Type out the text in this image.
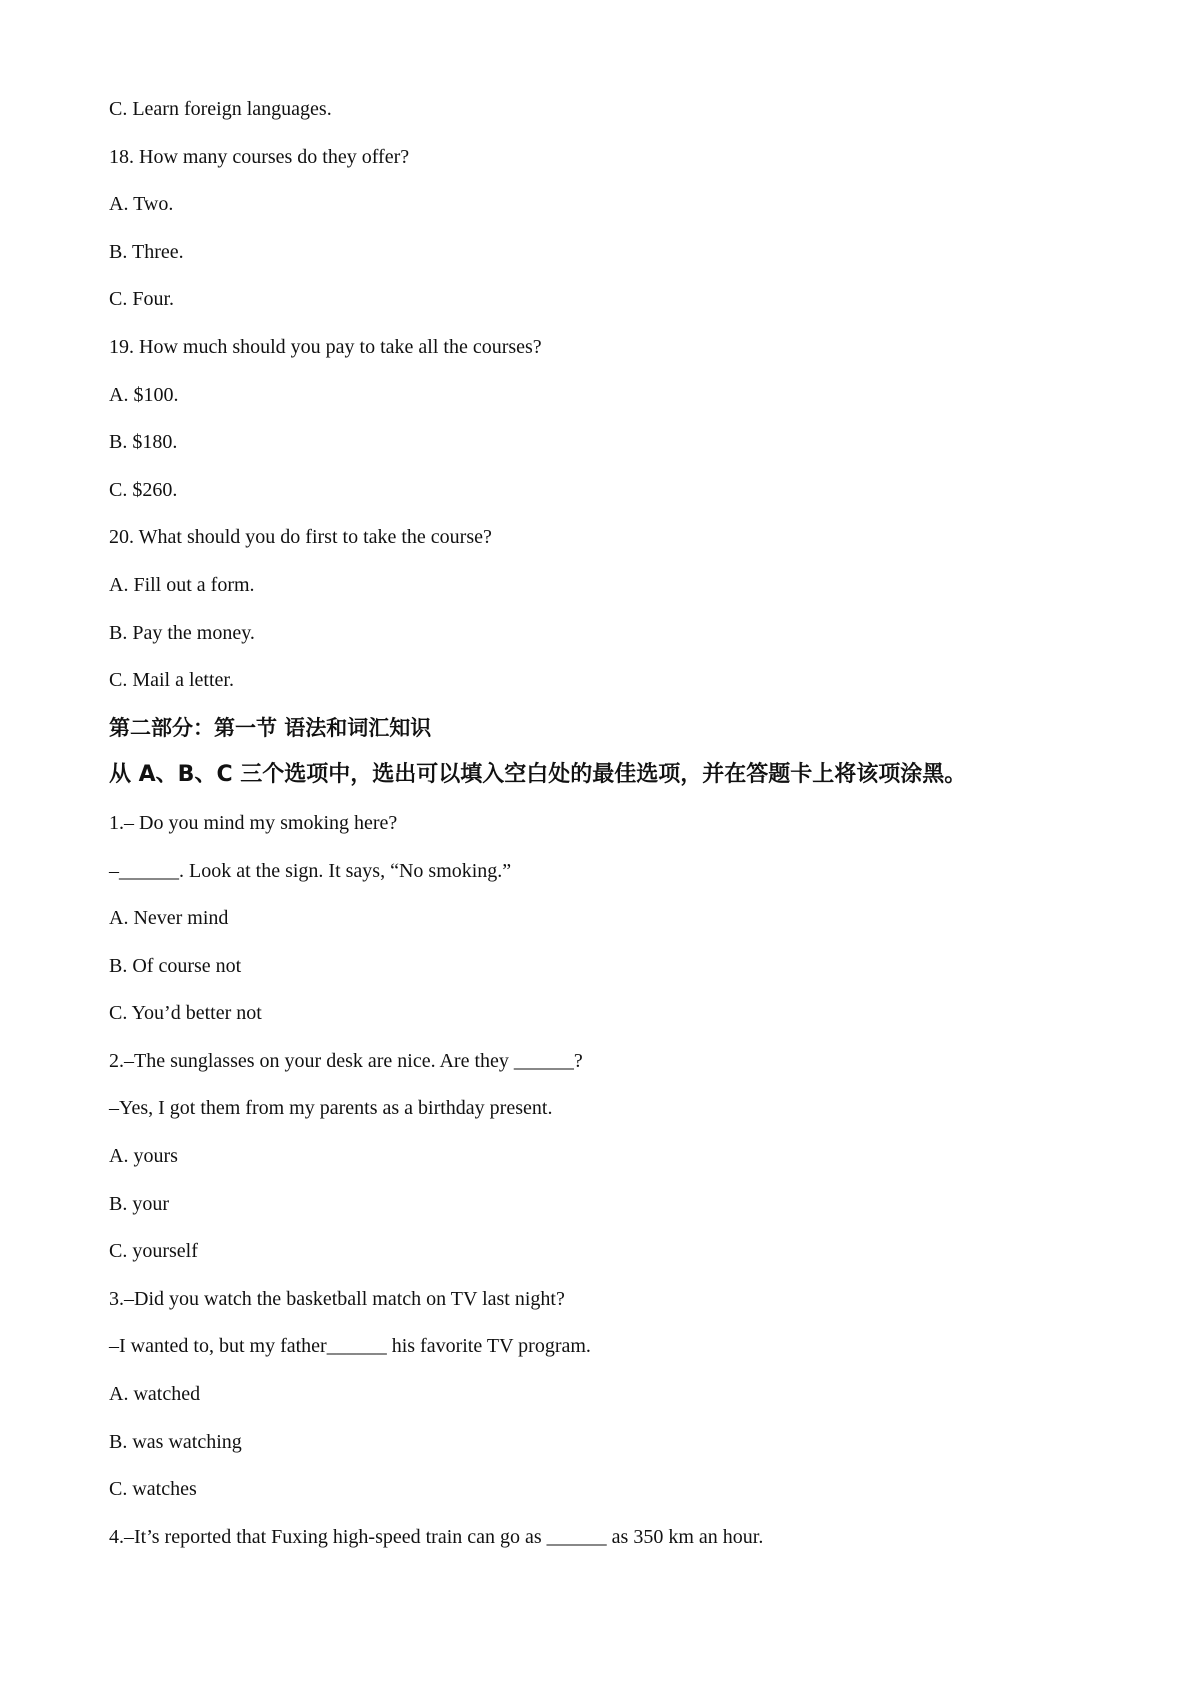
C. Learn foreign languages.
18. How many courses do they offer?
A. Two.
B. Three.
C. Four.
19. How much should you pay to take all the courses?
A. $100.
B. $180.
C. $260.
20. What should you do first to take the course?
A. Fill out a form.
B. Pay the money.
C. Mail a letter.
第二部分：第一节 语法和词汇知识
从 A、B、C 三个选项中，选出可以填入空白处的最佳选项，并在答题卡上将该项涂黑。
1.– Do you mind my smoking here?
–______. Look at the sign. It says, “No smoking.”
A. Never mind
B. Of course not
C. You’d better not
2.–The sunglasses on your desk are nice. Are they ______?
–Yes, I got them from my parents as a birthday present.
A. yours
B. your
C. yourself
3.–Did you watch the basketball match on TV last night?
–I wanted to, but my father______ his favorite TV program.
A. watched
B. was watching
C. watches
4.–It’s reported that Fuxing high-speed train can go as ______ as 350 km an hour.
